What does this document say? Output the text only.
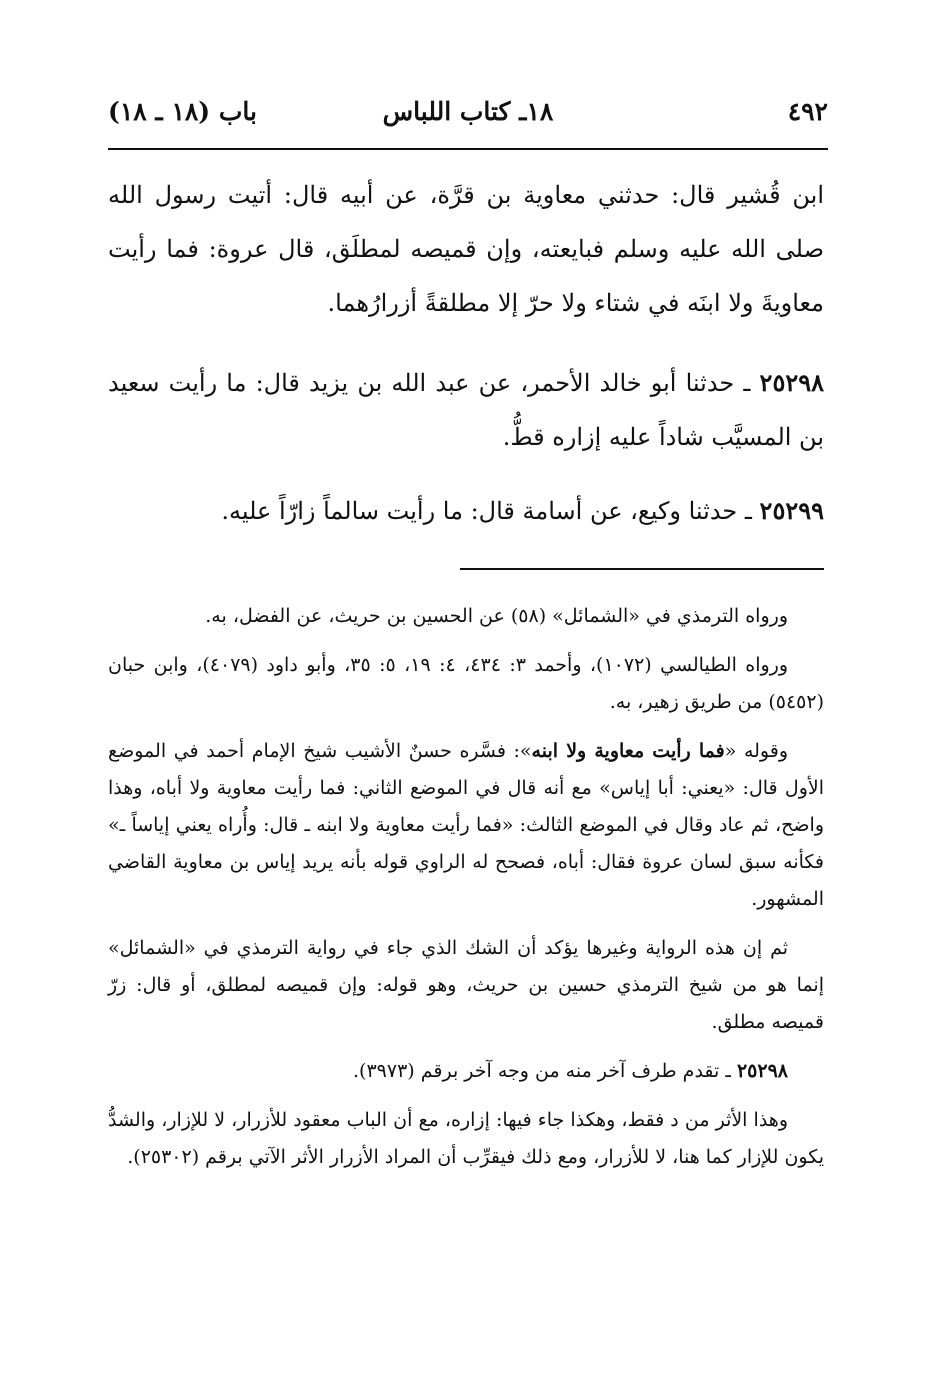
٤٩٢
١٨ـ كتاب اللباس
باب (١٨ ـ ١٨)

ابن قُشير قال: حدثني معاوية بن قرَّة، عن أبيه قال: أتيت رسول الله صلى الله عليه وسلم فبايعته، وإن قميصه لمطلَق، قال عروة: فما رأيت معاويةَ ولا ابنَه في شتاء ولا حرّ إلا مطلقةً أزرارُهما.

٢٥٢٩٨ ـ حدثنا أبو خالد الأحمر، عن عبد الله بن يزيد قال: ما رأيت سعيد بن المسيَّب شاداً عليه إزاره قطُّ.

٢٥٢٩٩ ـ حدثنا وكيع، عن أسامة قال: ما رأيت سالماً زارّاً عليه.

ورواه الترمذي في «الشمائل» (٥٨) عن الحسين بن حريث، عن الفضل، به.

ورواه الطيالسي (١٠٧٢)، وأحمد ٣: ٤٣٤، ٤: ١٩، ٥: ٣٥، وأبو داود (٤٠٧٩)، وابن حبان (٥٤٥٢) من طريق زهير، به.

وقوله «فما رأيت معاوية ولا ابنه»: فسَّره حسنٌ الأشيب شيخ الإمام أحمد في الموضع الأول قال: «يعني: أبا إياس» مع أنه قال في الموضع الثاني: فما رأيت معاوية ولا أباه، وهذا واضح، ثم عاد وقال في الموضع الثالث: «فما رأيت معاوية ولا ابنه ـ قال: وأُراه يعني إياساً ـ» فكأنه سبق لسان عروة فقال: أباه، فصحح له الراوي قوله بأنه يريد إياس بن معاوية القاضي المشهور.

ثم إن هذه الرواية وغيرها يؤكد أن الشك الذي جاء في رواية الترمذي في «الشمائل» إنما هو من شيخ الترمذي حسين بن حريث، وهو قوله: وإن قميصه لمطلق، أو قال: زرّ قميصه مطلق.

٢٥٢٩٨ ـ تقدم طرف آخر منه من وجه آخر برقم (٣٩٧٣).

وهذا الأثر من د فقط، وهكذا جاء فيها: إزاره، مع أن الباب معقود للأزرار، لا للإزار، والشدُّ يكون للإزار كما هنا، لا للأزرار، ومع ذلك فيقرِّب أن المراد الأزرار الأثر الآتي برقم (٢٥٣٠٢).
